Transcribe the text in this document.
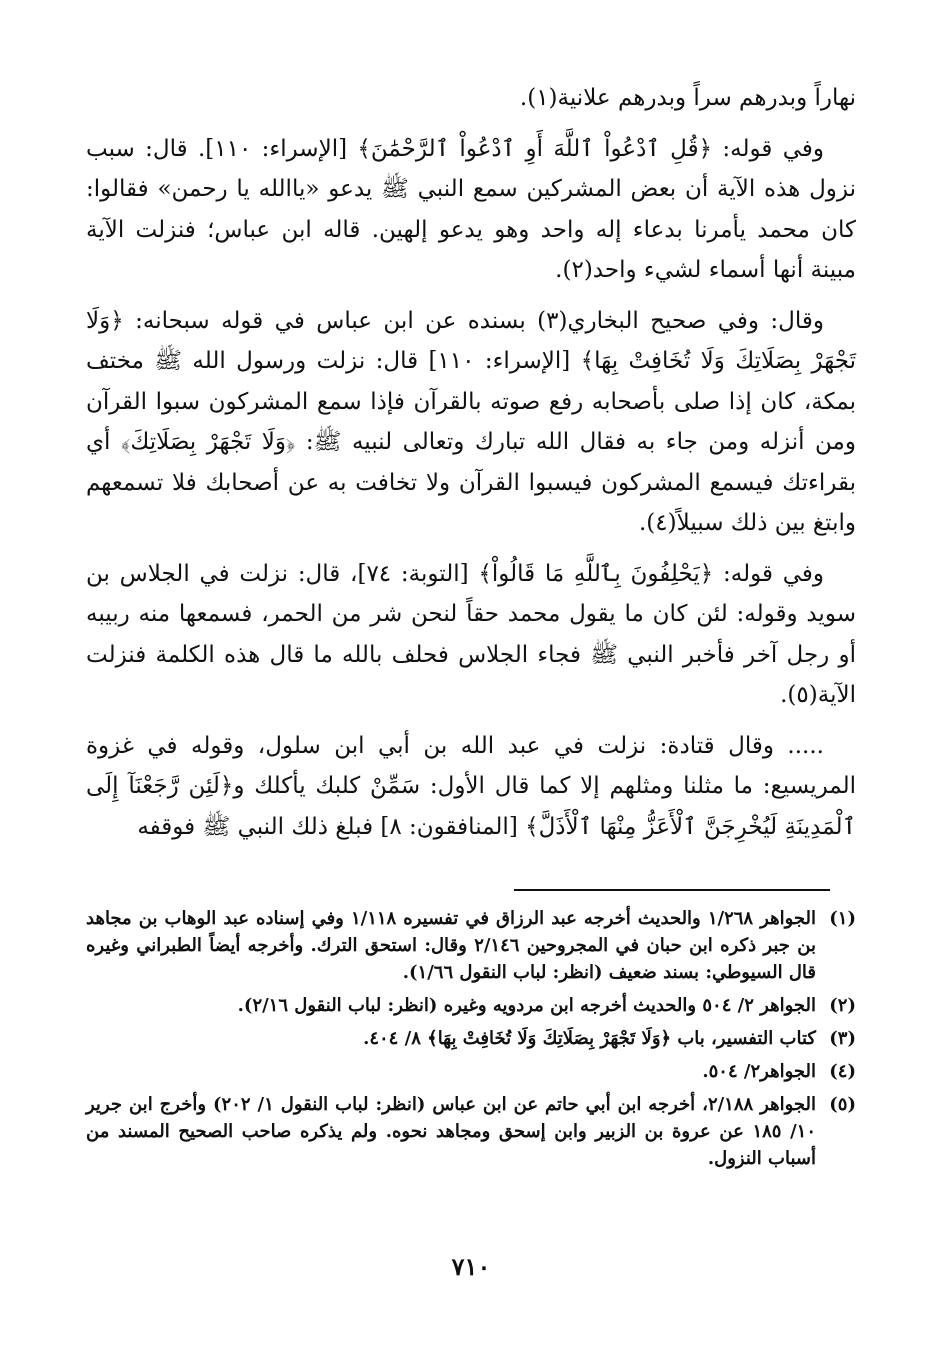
نهاراً وبدرهم سراً وبدرهم علانية(١).

وفي قوله: ﴿قُلِ ٱدْعُواْ ٱللَّهَ أَوِ ٱدْعُواْ ٱلرَّحْمَٰنَ﴾ [الإسراء: ١١٠]. قال: سبب نزول هذه الآية أن بعض المشركين سمع النبي ﷺ يدعو «ياالله يا رحمن» فقالوا: كان محمد يأمرنا بدعاء إله واحد وهو يدعو إلهين. قاله ابن عباس؛ فنزلت الآية مبينة أنها أسماء لشيء واحد(٢).

وقال: وفي صحيح البخاري(٣) بسنده عن ابن عباس في قوله سبحانه: ﴿وَلَا تَجْهَرْ بِصَلَاتِكَ وَلَا تُخَافِتْ بِهَا﴾ [الإسراء: ١١٠] قال: نزلت ورسول الله ﷺ مختف بمكة، كان إذا صلى بأصحابه رفع صوته بالقرآن فإذا سمع المشركون سبوا القرآن ومن أنزله ومن جاء به فقال الله تبارك وتعالى لنبيه ﷺ: ﴿وَلَا تَجْهَرْ بِصَلَاتِكَ﴾ أي بقراءتك فيسمع المشركون فيسبوا القرآن ولا تخافت به عن أصحابك فلا تسمعهم وابتغ بين ذلك سبيلاً(٤).

وفي قوله: ﴿يَحْلِفُونَ بِٱللَّهِ مَا قَالُواْ﴾ [التوبة: ٧٤]، قال: نزلت في الجلاس بن سويد وقوله: لئن كان ما يقول محمد حقاً لنحن شر من الحمر، فسمعها منه ربيبه أو رجل آخر فأخبر النبي ﷺ فجاء الجلاس فحلف بالله ما قال هذه الكلمة فنزلت الآية(٥).

..... وقال قتادة: نزلت في عبد الله بن أبي ابن سلول، وقوله في غزوة المريسيع: ما مثلنا ومثلهم إلا كما قال الأول: سَمِّنْ كلبك يأكلك و﴿لَئِن رَّجَعْنَآ إِلَى ٱلْمَدِينَةِ لَيُخْرِجَنَّ ٱلْأَعَزُّ مِنْهَا ٱلْأَذَلَّ﴾ [المنافقون: ٨] فبلغ ذلك النبي ﷺ فوقفه

(١)
الجواهر ١/٢٦٨ والحديث أخرجه عبد الرزاق في تفسيره ١/١١٨ وفي إسناده عبد الوهاب بن مجاهد بن جبر ذكره ابن حبان في المجروحين ٢/١٤٦ وقال: استحق الترك. وأخرجه أيضاً الطبراني وغيره قال السيوطي: بسند ضعيف (انظر: لباب النقول ١/٦٦).
(٢)
الجواهر ٢/ ٥٠٤ والحديث أخرجه ابن مردويه وغيره (انظر: لباب النقول ٢/١٦).
(٣)
كتاب التفسير، باب ﴿وَلَا تَجْهَرْ بِصَلَاتِكَ وَلَا تُخَافِتْ بِهَا﴾ ٨/ ٤٠٤.
(٤)
الجواهر٢/ ٥٠٤.
(٥)
الجواهر ٢/١٨٨، أخرجه ابن أبي حاتم عن ابن عباس (انظر: لباب النقول ١/ ٢٠٢) وأخرج ابن جرير ١٠/ ١٨٥ عن عروة بن الزبير وابن إسحق ومجاهد نحوه. ولم يذكره صاحب الصحيح المسند من أسباب النزول.
٧١٠
